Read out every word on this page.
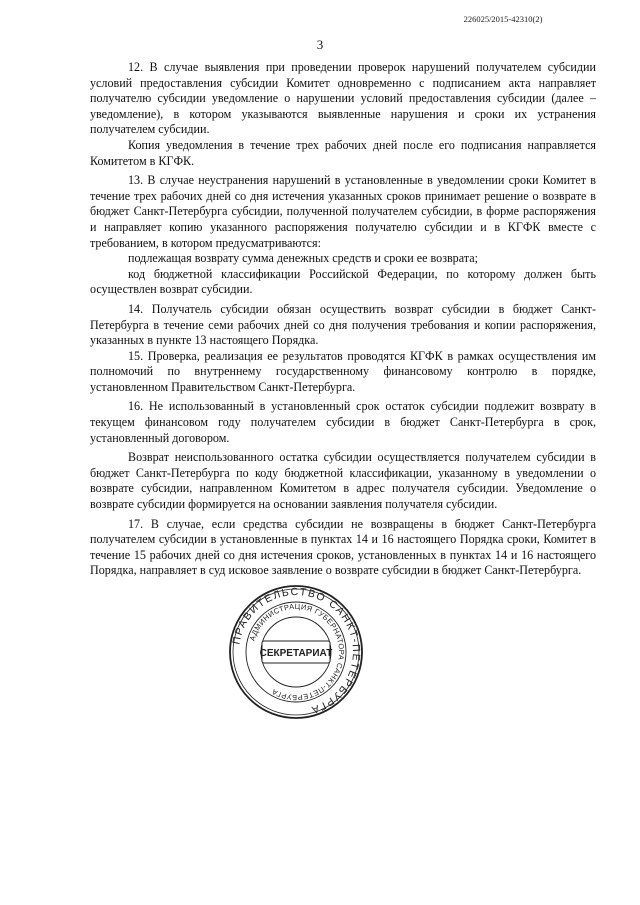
226025/2015-42310(2)
3

12. В случае выявления при проведении проверок нарушений получателем субсидии условий предоставления субсидии Комитет одновременно с подписанием акта направляет получателю субсидии уведомление о нарушении условий предоставления субсидии (далее – уведомление), в котором указываются выявленные нарушения и сроки их устранения получателем субсидии.

Копия уведомления в течение трех рабочих дней после его подписания направляется Комитетом в КГФК.

13. В случае неустранения нарушений в установленные в уведомлении сроки Комитет в течение трех рабочих дней со дня истечения указанных сроков принимает решение о возврате в бюджет Санкт-Петербурга субсидии, полученной получателем субсидии, в форме распоряжения и направляет копию указанного распоряжения получателю субсидии и в КГФК вместе с требованием, в котором предусматриваются:

подлежащая возврату сумма денежных средств и сроки ее возврата;

код бюджетной классификации Российской Федерации, по которому должен быть осуществлен возврат субсидии.

14. Получатель субсидии обязан осуществить возврат субсидии в бюджет Санкт-Петербурга в течение семи рабочих дней со дня получения требования и копии распоряжения, указанных в пункте 13 настоящего Порядка.

15. Проверка, реализация ее результатов проводятся КГФК в рамках осуществления им полномочий по внутреннему государственному финансовому контролю в порядке, установленном Правительством Санкт-Петербурга.

16. Не использованный в установленный срок остаток субсидии подлежит возврату в текущем финансовом году получателем субсидии в бюджет Санкт-Петербурга в срок, установленный договором.

Возврат неиспользованного остатка субсидии осуществляется получателем субсидии в бюджет Санкт-Петербурга по коду бюджетной классификации, указанному в уведомлении о возврате субсидии, направленном Комитетом в адрес получателя субсидии. Уведомление о возврате субсидии формируется на основании заявления получателя субсидии.

17. В случае, если средства субсидии не возвращены в бюджет Санкт-Петербурга получателем субсидии в установленные в пунктах 14 и 16 настоящего Порядка сроки, Комитет в течение 15 рабочих дней со дня истечения сроков, установленных в пунктах 14 и 16 настоящего Порядка, направляет в суд исковое заявление о возврате субсидии в бюджет Санкт-Петербурга.

ПРАВИТЕЛЬСТВО САНКТ-ПЕТЕРБУРГА
АДМИНИСТРАЦИЯ ГУБЕРНАТОРА САНКТ-ПЕТЕРБУРГА
СЕКРЕТАРИАТ
